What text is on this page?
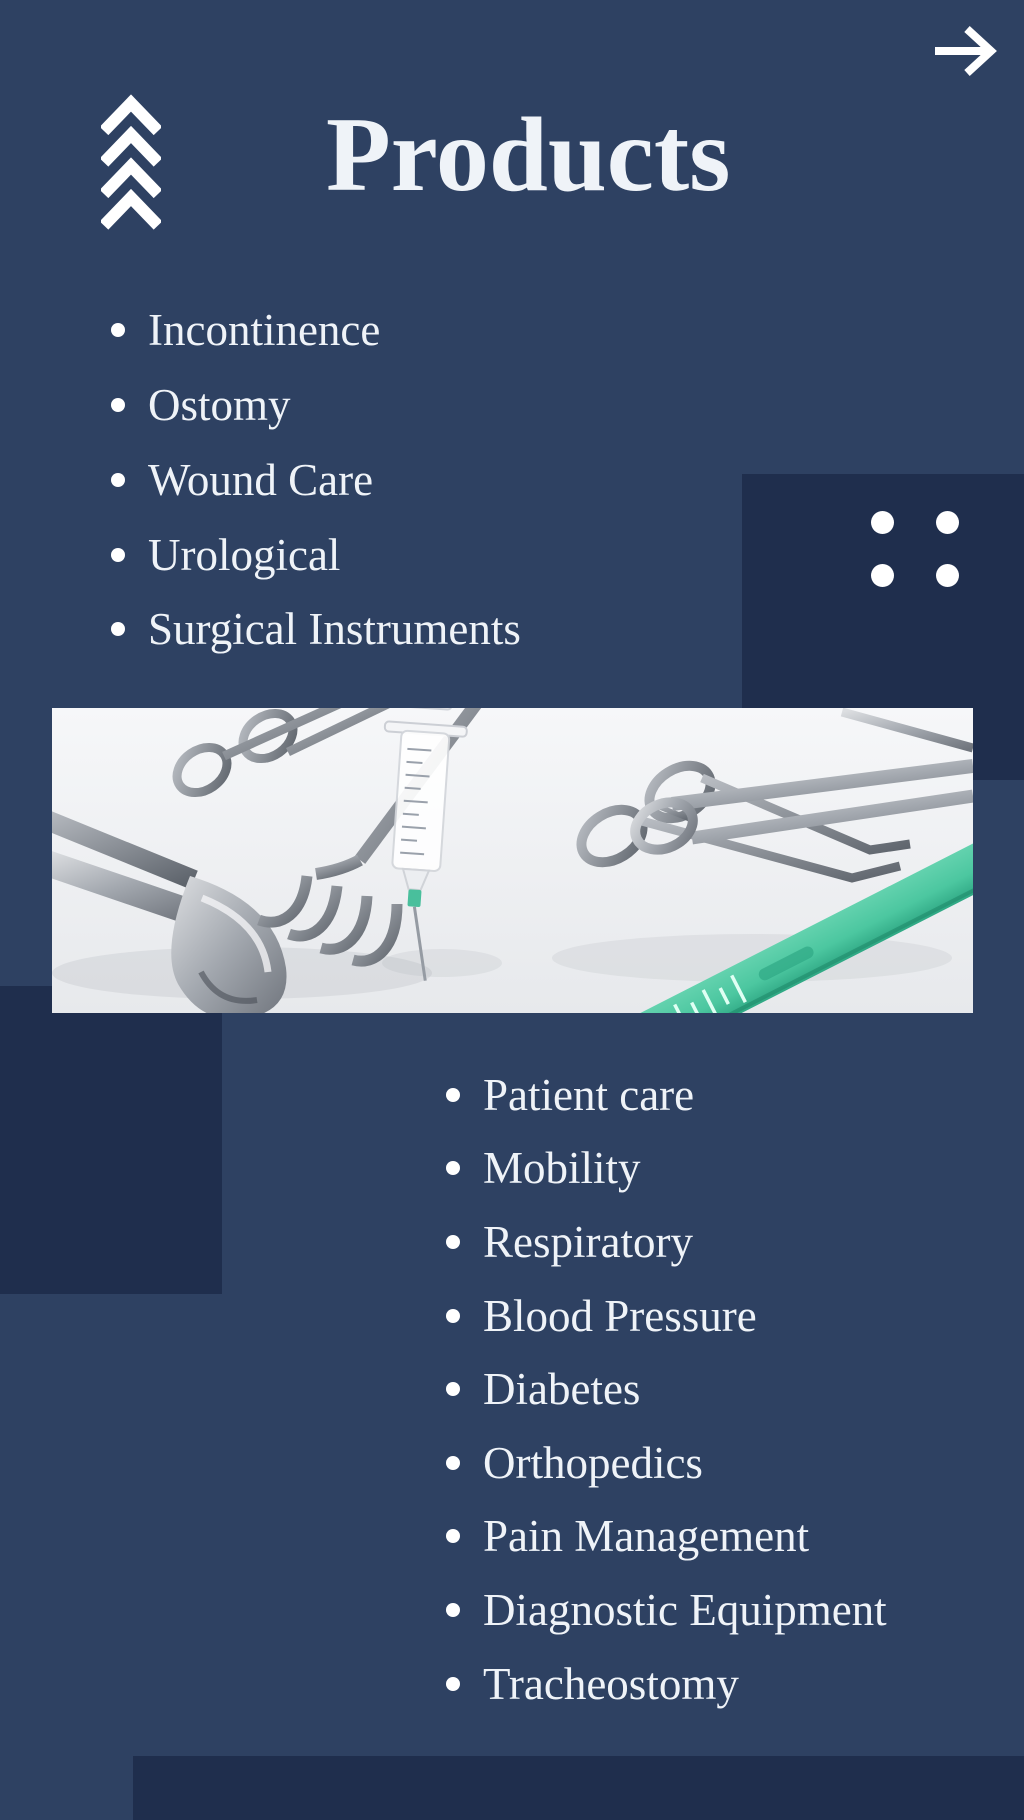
Products
Incontinence
Ostomy
Wound Care
Urological
Surgical Instruments
Patient care
Mobility
Respiratory
Blood Pressure
Diabetes
Orthopedics
Pain Management
Diagnostic Equipment
Tracheostomy
